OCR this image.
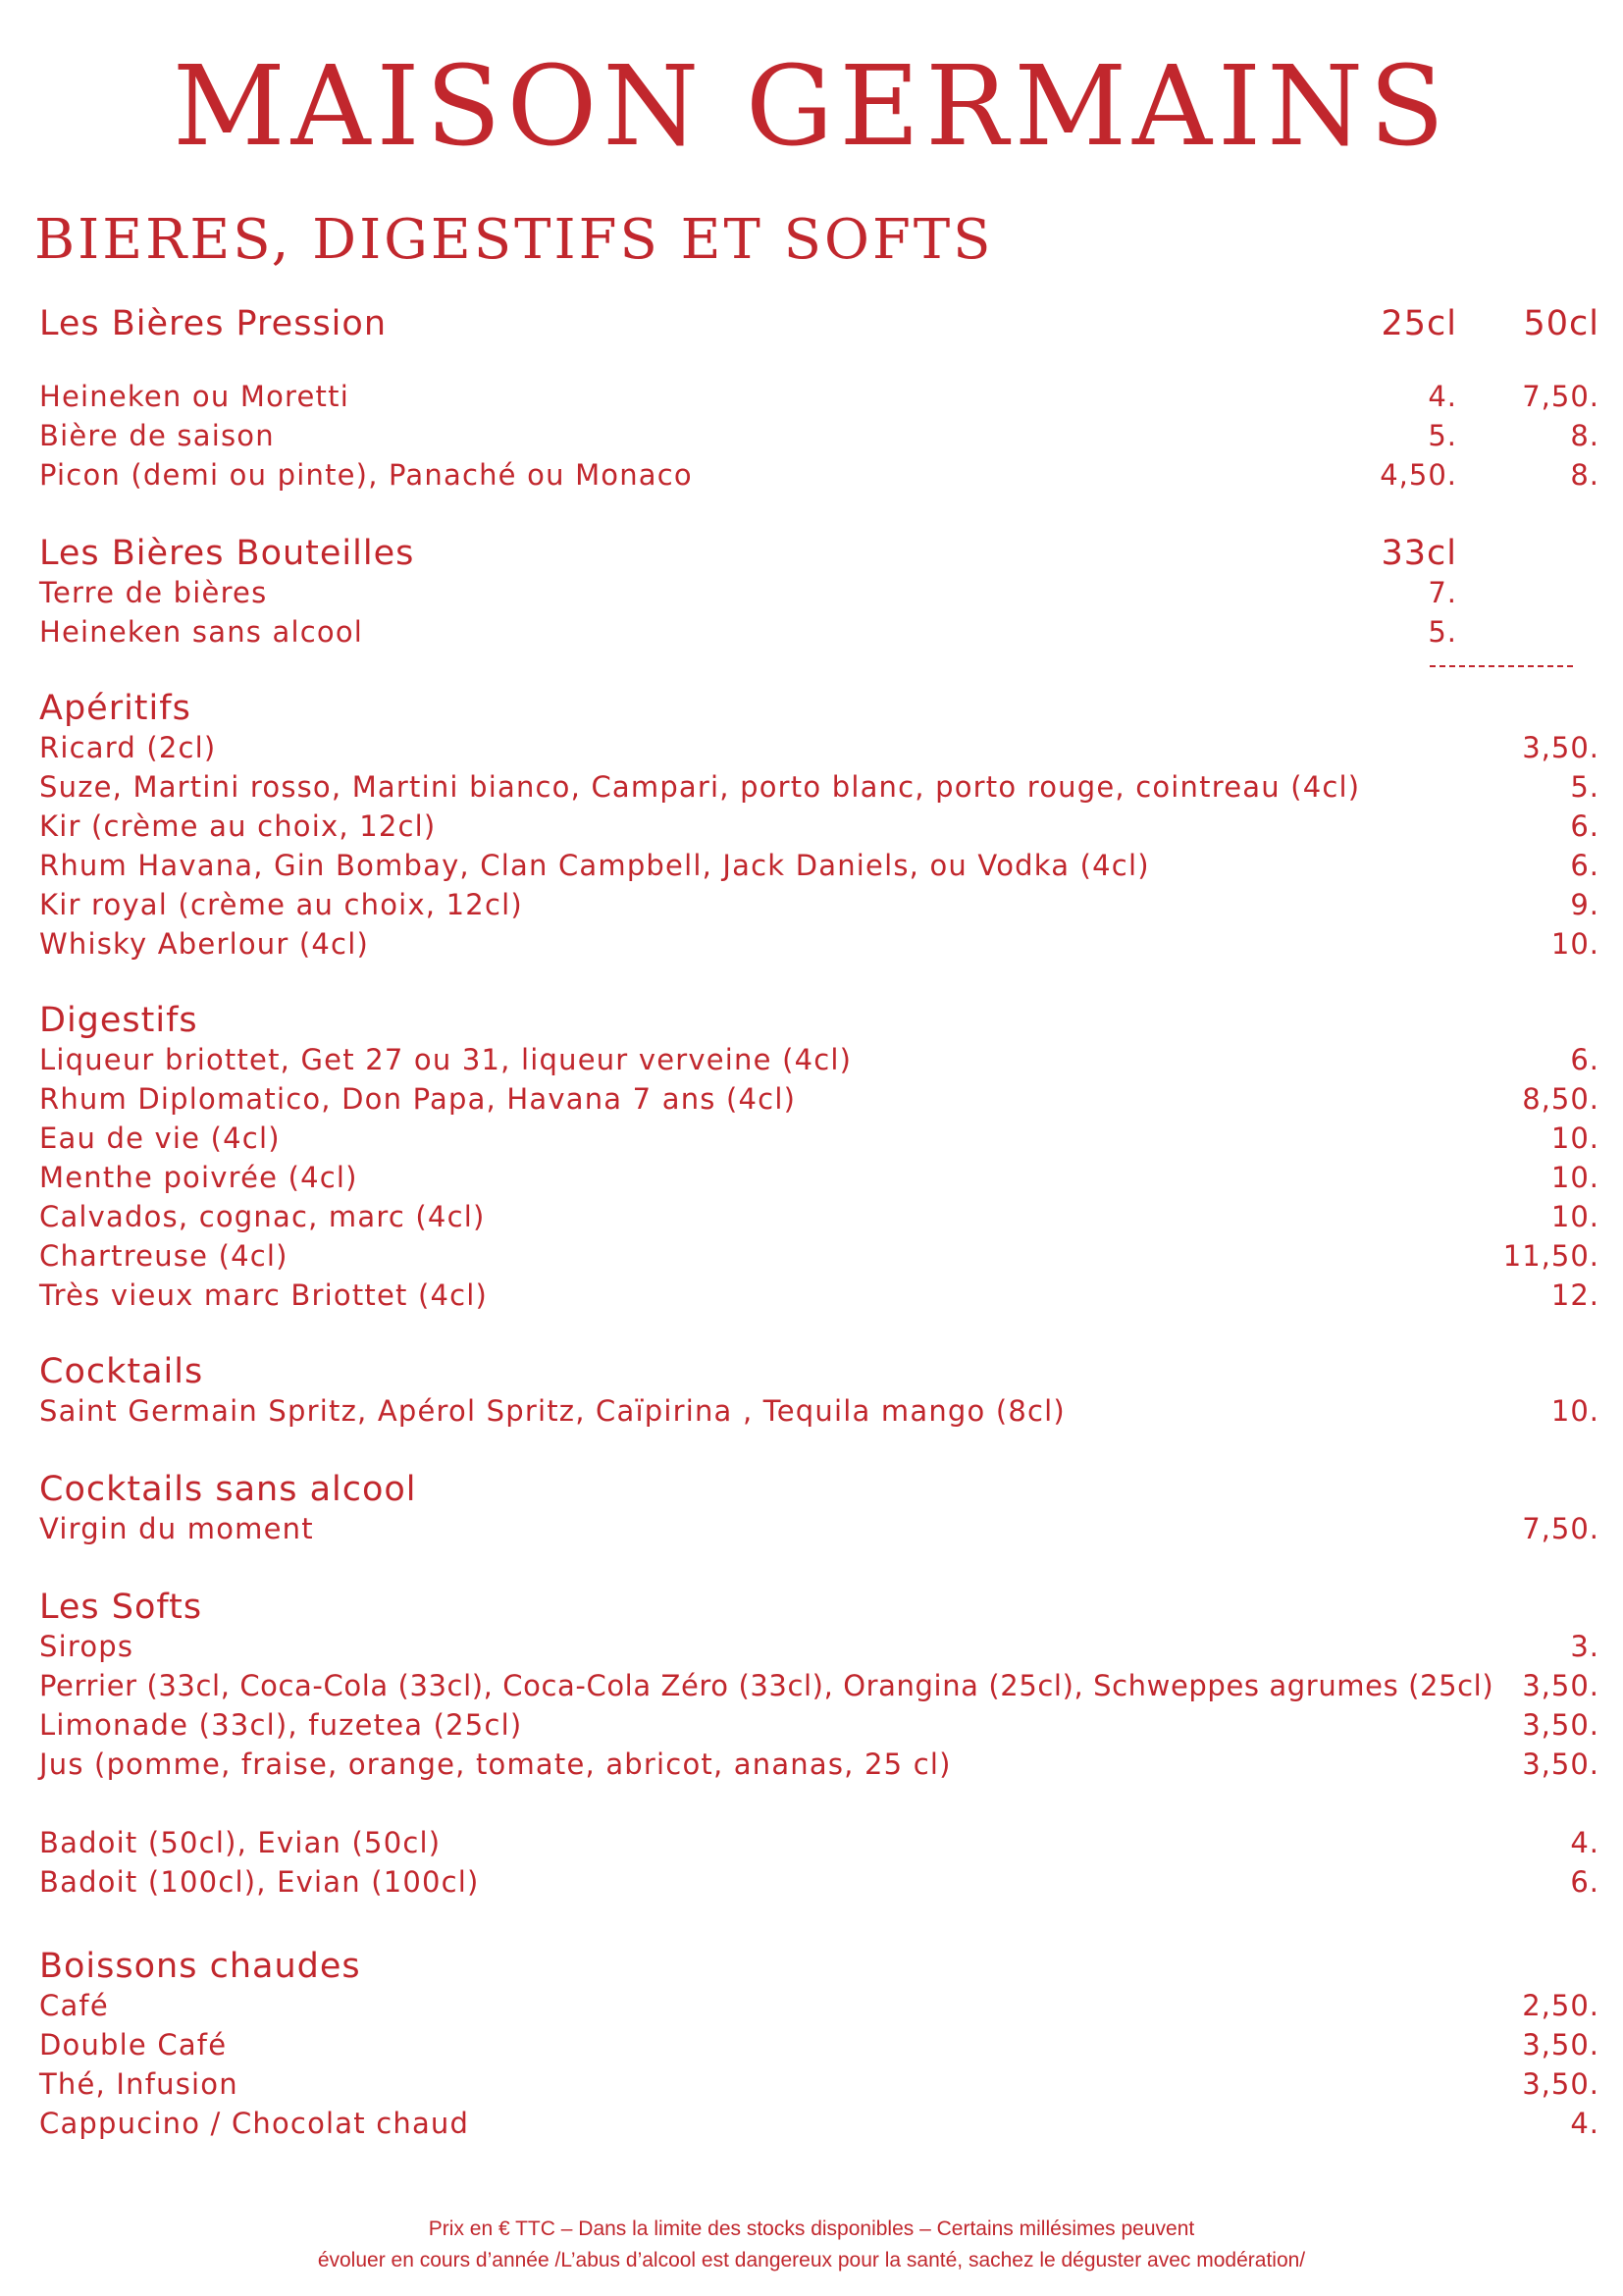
MAISON GERMAINS
BIERES, DIGESTIFS ET SOFTS
Les Bières Pression	25cl 50cl
Heineken ou Moretti	4. 7,50.
Bière de saison	5.	8.
Picon (demi ou pinte), Panaché ou Monaco	4,50.	8.
Les Bières Bouteilles	33cl
Terre de bières	7.
Heineken sans alcool	5.
Apéritifs
Ricard (2cl)	3,50.
Suze, Martini rosso, Martini bianco, Campari, porto blanc, porto rouge, cointreau (4cl)	5.
Kir (crème au choix, 12cl)	6.
Rhum Havana, Gin Bombay, Clan Campbell, Jack Daniels, ou Vodka (4cl)	6.
Kir royal (crème au choix, 12cl)	9.
Whisky Aberlour (4cl)	10.
Digestifs
Liqueur briottet, Get 27 ou 31, liqueur verveine (4cl)	6.
Rhum Diplomatico, Don Papa, Havana 7 ans (4cl)	8,50.
Eau de vie (4cl)	10.
Menthe poivrée (4cl)	10.
Calvados, cognac, marc (4cl)	10.
Chartreuse (4cl)	11,50.
Très vieux marc Briottet (4cl)	12.
Cocktails
Saint Germain Spritz, Apérol Spritz, Caïpirina , Tequila mango (8cl)	10.
Cocktails sans alcool
Virgin du moment	7,50.
Les Softs
Sirops	3.
Perrier (33cl, Coca-Cola (33cl), Coca-Cola Zéro (33cl), Orangina (25cl), Schweppes agrumes (25cl) 3,50.
Limonade (33cl), fuzetea (25cl)	3,50.
Jus (pomme, fraise, orange, tomate, abricot, ananas, 25 cl)	3,50.
Badoit (50cl), Evian (50cl)	4.
Badoit (100cl), Evian (100cl)	6.
Boissons chaudes
Café	2,50.
Double Café	3,50.
Thé, Infusion	3,50.
Cappucino / Chocolat chaud	4.
Prix en € TTC – Dans la limite des stocks disponibles – Certains millésimes peuvent
évoluer en cours d’année /L’abus d’alcool est dangereux pour la santé, sachez le déguster avec modération/
